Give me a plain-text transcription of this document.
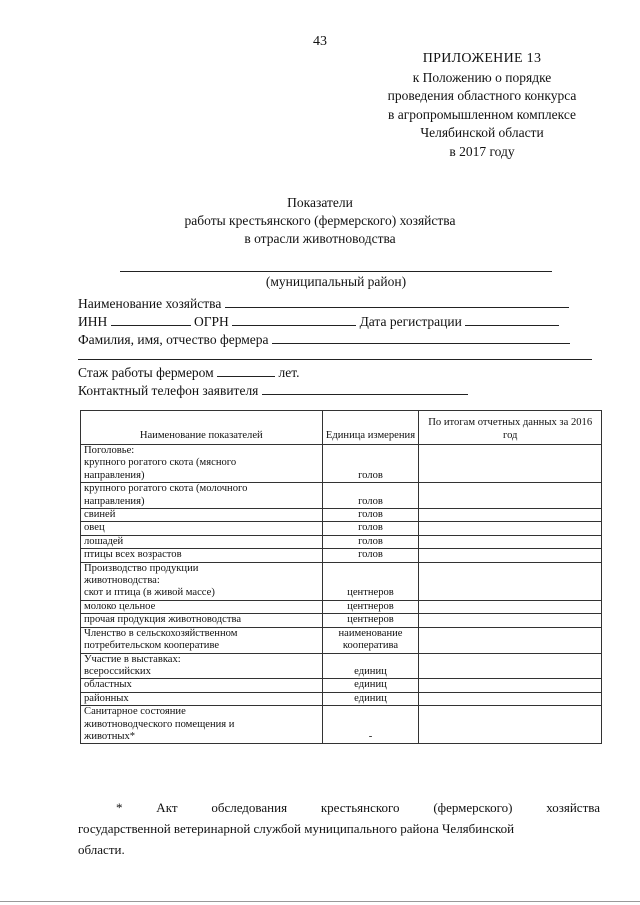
43
ПРИЛОЖЕНИЕ 13
к Положению о порядке
проведения областного конкурса
в агропромышленном комплексе
Челябинской области
в 2017 году
Показатели
работы крестьянского (фермерского) хозяйства
в отрасли животноводства
(муниципальный район)
Наименование хозяйства
ИНН	ОГРН	Дата регистрации
Фамилия, имя, отчество фермера
Стаж работы фермером	лет.
Контактный телефон заявителя
Наименование показателей	Единица измерения	По итогам отчетных данных за 2016 год

Поголовье:
крупного рогатого скота (мясного
направления)	голов	

крупного рогатого скота (молочного
направления)	голов	

свиней	голов	

овец	голов	

лошадей	голов	

птицы всех возрастов	голов	

Производство продукции
животноводства:
скот и птица (в живой массе)	центнеров	

молоко цельное	центнеров	

прочая продукция животноводства	центнеров	

Членство в сельскохозяйственном
потребительском кооперативе	наименование кооператива	

Участие в выставках:
всероссийских	единиц	

областных	единиц	

районных	единиц	

Санитарное состояние
животноводческого помещения и
животных*	-	
* Акт обследования крестьянского (фермерского) хозяйства
государственной ветеринарной службой муниципального района Челябинской
области.
